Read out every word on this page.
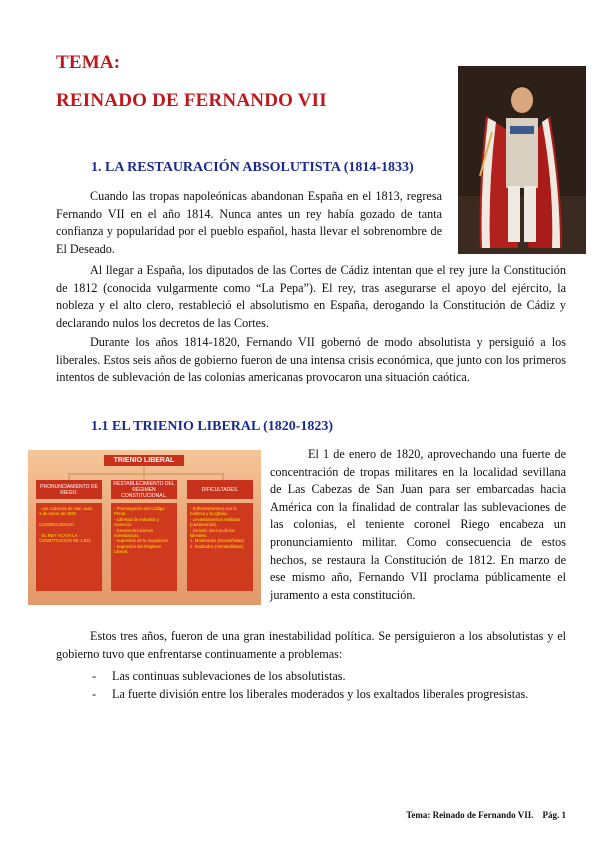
TEMA:
REINADO DE FERNANDO VII
1. LA RESTAURACIÓN ABSOLUTISTA (1814-1833)

Cuando las tropas napoleónicas abandonan España en el 1813, regresa Fernando VII en el año 1814. Nunca antes un rey había gozado de tanta confianza y popularidad por el pueblo español, hasta llevar el sobrenombre de El Deseado.

Al llegar a España, los diputados de las Cortes de Cádiz intentan que el rey jure la Constitución de 1812 (conocida vulgarmente como “La Pepa”). El rey, tras asegurarse el apoyo del ejército, la nobleza y el alto clero, restableció el absolutismo en España, derogando la Constitución de Cádiz y declarando nulos los decretos de las Cortes.

Durante los años 1814-1820, Fernando VII gobernó de modo absolutista y persiguió a los liberales. Estos seis años de gobierno fueron de una intensa crisis económica, que junto con los primeros intentos de sublevación de las colonias americanas provocaron una situación caótica.

1.1 EL TRIENIO LIBERAL (1820-1823)
TRIENIO LIBERAL
PRONUNCIAMIENTO DE RIEGO.
- Las Cabezas de San Juan.
1 de enero de 1820

CONSECUENCIA:

- EL REY ACATA LA CONSTITUCIÓN DE 1.812
RESTABLECIMIENTO DEL RÉGIMEN CONSTITUCIONAL.
- Promulgación del Código Penal.
- Libertad de industria y comercio.
- Desamortizaciones eclesiásticas.
- Supresión de la Inquisición.
- Supresión del Régimen Liberal.
DIFICULTADES.
- Enfrentamientos con la nobleza y la Iglesia.
- Levantamientos realistas (campesinos).
- División interna de los liberales:
1. Moderados (Doceañistas)
2. Exaltados (Veinteañistas).

El 1 de enero de 1820, aprovechando una fuerte de concentración de tropas militares en la localidad sevillana de Las Cabezas de San Juan para ser embarcadas hacia América con la finalidad de contralar las sublevaciones de las colonias, el teniente coronel Riego encabeza un pronunciamiento militar. Como consecuencia de estos hechos, se restaura la Constitución de 1812. En marzo de ese mismo año, Fernando VII proclama públicamente el juramento a esta constitución.

Estos tres años, fueron de una gran inestabilidad política. Se persiguieron a los absolutistas y el gobierno tuvo que enfrentarse continuamente a problemas:

- Las continuas sublevaciones de los absolutistas.
- La fuerte división entre los liberales moderados y los exaltados liberales progresistas.
Tema: Reinado de Fernando VII.    Pág. 1
